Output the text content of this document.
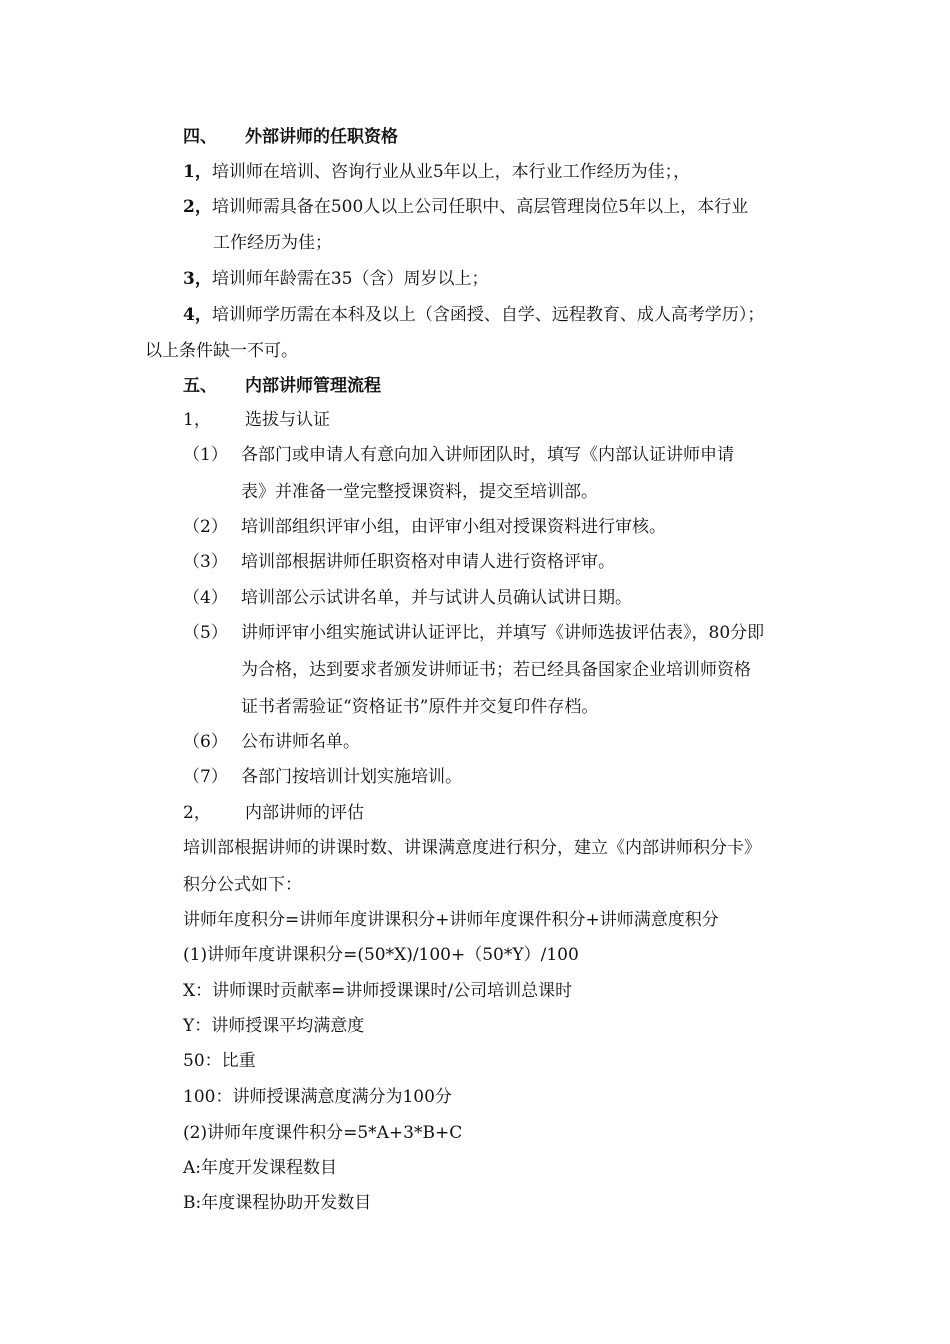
四、 外部讲师的任职资格
1，培训师在培训、咨询行业从业5年以上，本行业工作经历为佳；，
2，培训师需具备在500人以上公司任职中、高层管理岗位5年以上，本行业
工作经历为佳；
3，培训师年龄需在35（含）周岁以上；
4，培训师学历需在本科及以上（含函授、自学、远程教育、成人高考学历）；
以上条件缺一不可。
五、 内部讲师管理流程
1， 选拔与认证
（1） 各部门或申请人有意向加入讲师团队时，填写《内部认证讲师申请
表》并准备一堂完整授课资料，提交至培训部。
（2） 培训部组织评审小组，由评审小组对授课资料进行审核。
（3） 培训部根据讲师任职资格对申请人进行资格评审。
（4） 培训部公示试讲名单，并与试讲人员确认试讲日期。
（5） 讲师评审小组实施试讲认证评比，并填写《讲师选拔评估表》，80分即
为合格，达到要求者颁发讲师证书；若已经具备国家企业培训师资格
证书者需验证“资格证书”原件并交复印件存档。
（6） 公布讲师名单。
（7） 各部门按培训计划实施培训。
2， 内部讲师的评估
培训部根据讲师的讲课时数、讲课满意度进行积分，建立《内部讲师积分卡》
积分公式如下：
讲师年度积分=讲师年度讲课积分+讲师年度课件积分+讲师满意度积分
(1)讲师年度讲课积分=(50*X)/100+（50*Y）/100
X：讲师课时贡献率=讲师授课课时/公司培训总课时
Y：讲师授课平均满意度
50：比重
100：讲师授课满意度满分为100分
(2)讲师年度课件积分=5*A+3*B+C
A:年度开发课程数目
B:年度课程协助开发数目
